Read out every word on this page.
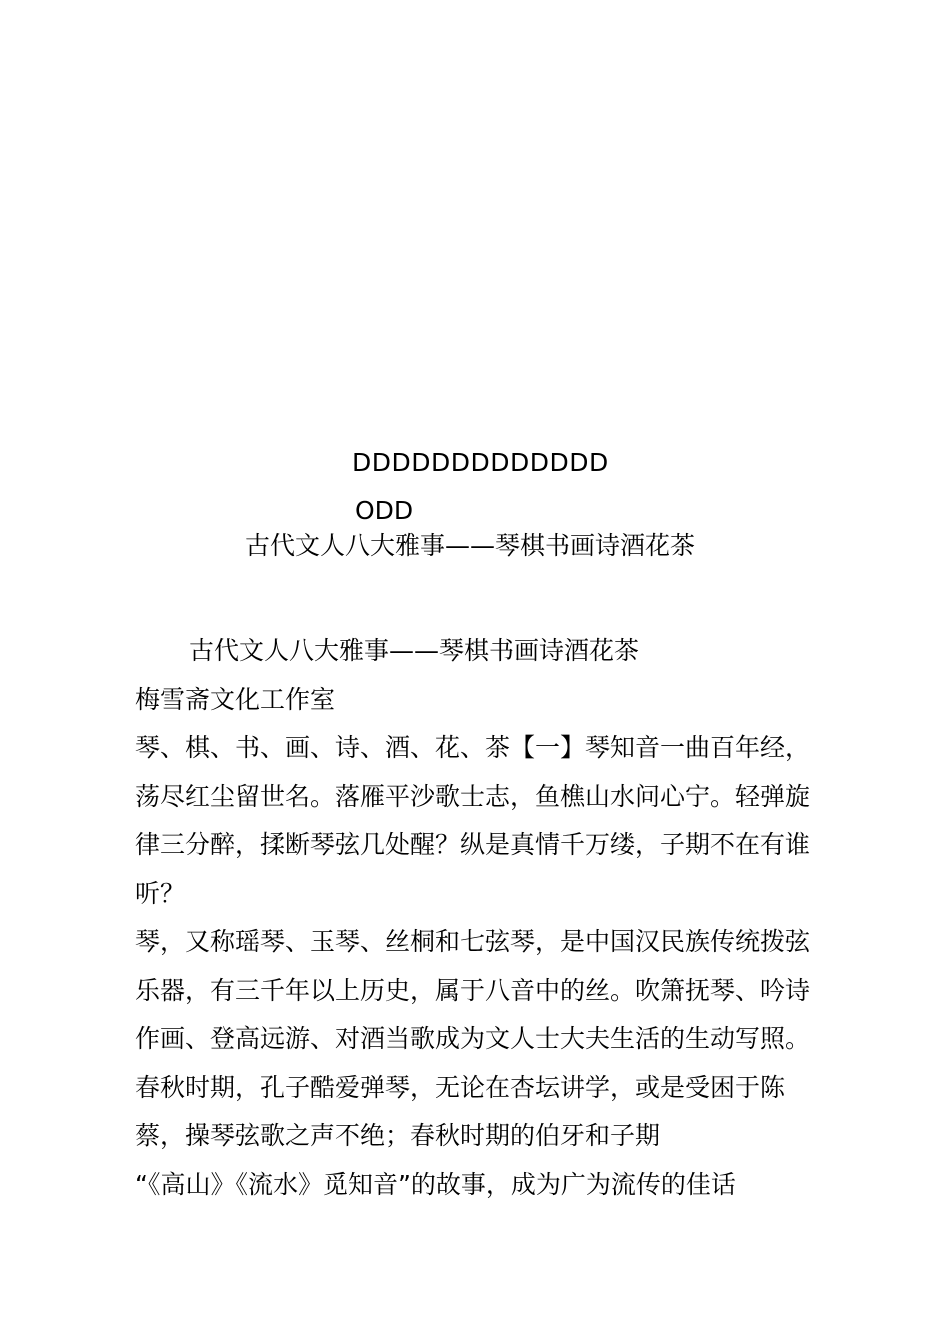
DDDDDDDDDDDDD
ODD
古代文人八大雅事——琴棋书画诗酒花茶

古代文人八大雅事——琴棋书画诗酒花茶

梅雪斋文化工作室

琴、棋、书、画、诗、酒、花、茶【一】琴知音一曲百年经，荡尽红尘留世名。落雁平沙歌士志，鱼樵山水问心宁。轻弹旋律三分醉，揉断琴弦几处醒？纵是真情千万缕，子期不在有谁听？

琴，又称瑶琴、玉琴、丝桐和七弦琴，是中国汉民族传统拨弦乐器，有三千年以上历史，属于八音中的丝。吹箫抚琴、吟诗作画、登高远游、对酒当歌成为文人士大夫生活的生动写照。春秋时期，孔子酷爱弹琴，无论在杏坛讲学，或是受困于陈蔡，操琴弦歌之声不绝；春秋时期的伯牙和子期

“《高山》《流水》觅知音”的故事，成为广为流传的佳话
